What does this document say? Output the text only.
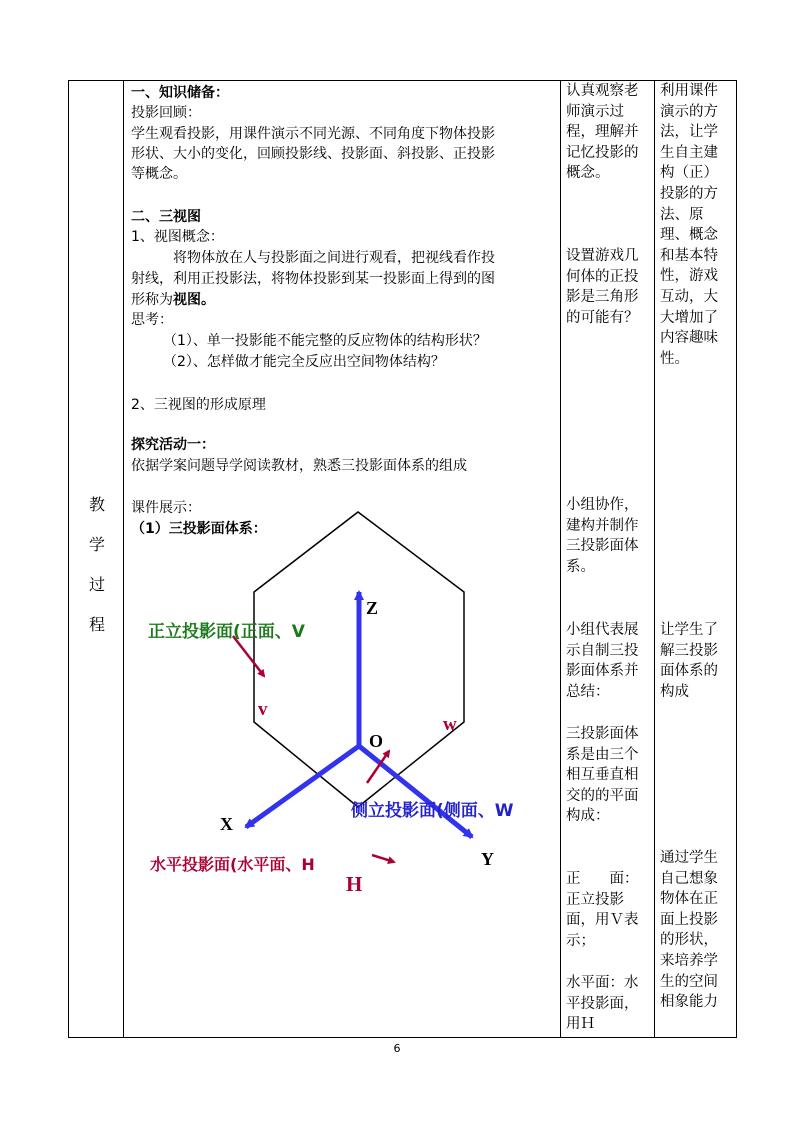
教
学
过
程
一、知识储备：
投影回顾：
学生观看投影，用课件演示不同光源、不同角度下物体投影
形状、大小的变化，回顾投影线、投影面、斜投影、正投影
等概念。
二、三视图
1、视图概念：
将物体放在人与投影面之间进行观看，把视线看作投
射线，利用正投影法，将物体投影到某一投影面上得到的图
形称为视图。
思考：
（1）、单一投影能不能完整的反应物体的结构形状？
（2）、怎样做才能完全反应出空间物体结构？
2、三视图的形成原理
探究活动一：
依据学案问题导学阅读教材，熟悉三投影面体系的组成
课件展示：
（1）三投影面体系：
认真观察老师演示过程，理解并记忆投影的概念。
设置游戏几何体的正投影是三角形的可能有？
小组协作，建构并制作三投影面体系。
小组代表展示自制三投影面体系并总结：
三投影面体系是由三个相互垂直相交的的平面构成：
正　　面：正立投影面，用Ｖ表示；
水平面：水平投影面，用Ｈ
利用课件演示的方法，让学生自主建构（正）投影的方法、原理、概念和基本特性，游戏互动，大大增加了内容趣味性。
让学生了解三投影面体系的构成
通过学生自己想象物体在正面上投影的形状，来培养学生的空间相象能力
Z
X
Y
O
正立投影面(正面、V
侧立投影面(侧面、W
水平投影面(水平面、H
v
w
H
6
